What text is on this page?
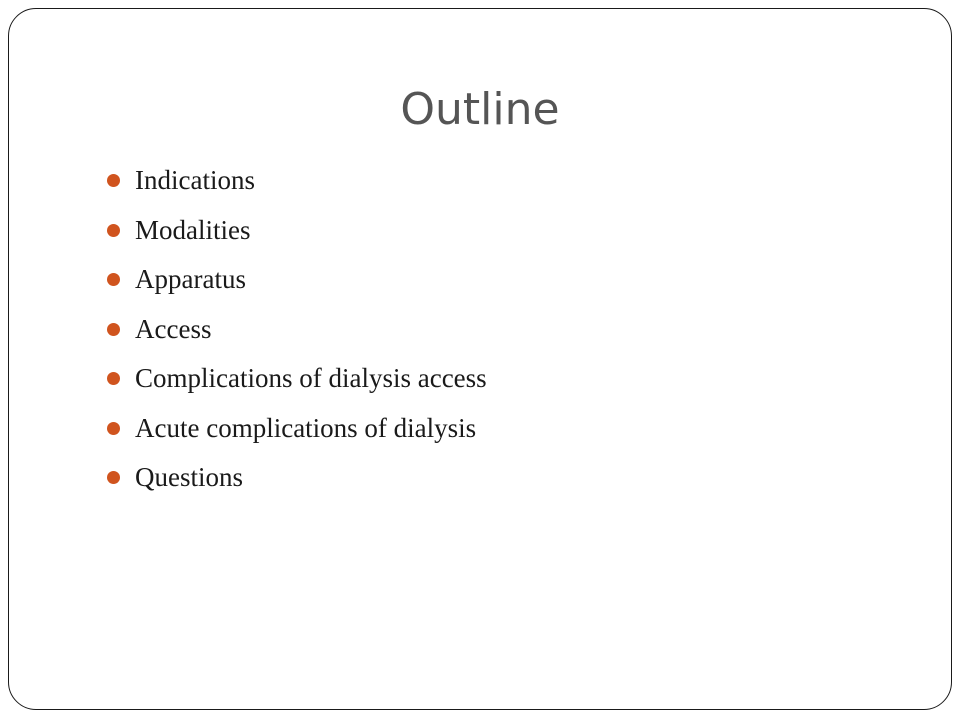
Outline
Indications
Modalities
Apparatus
Access
Complications of dialysis access
Acute complications of dialysis
Questions
